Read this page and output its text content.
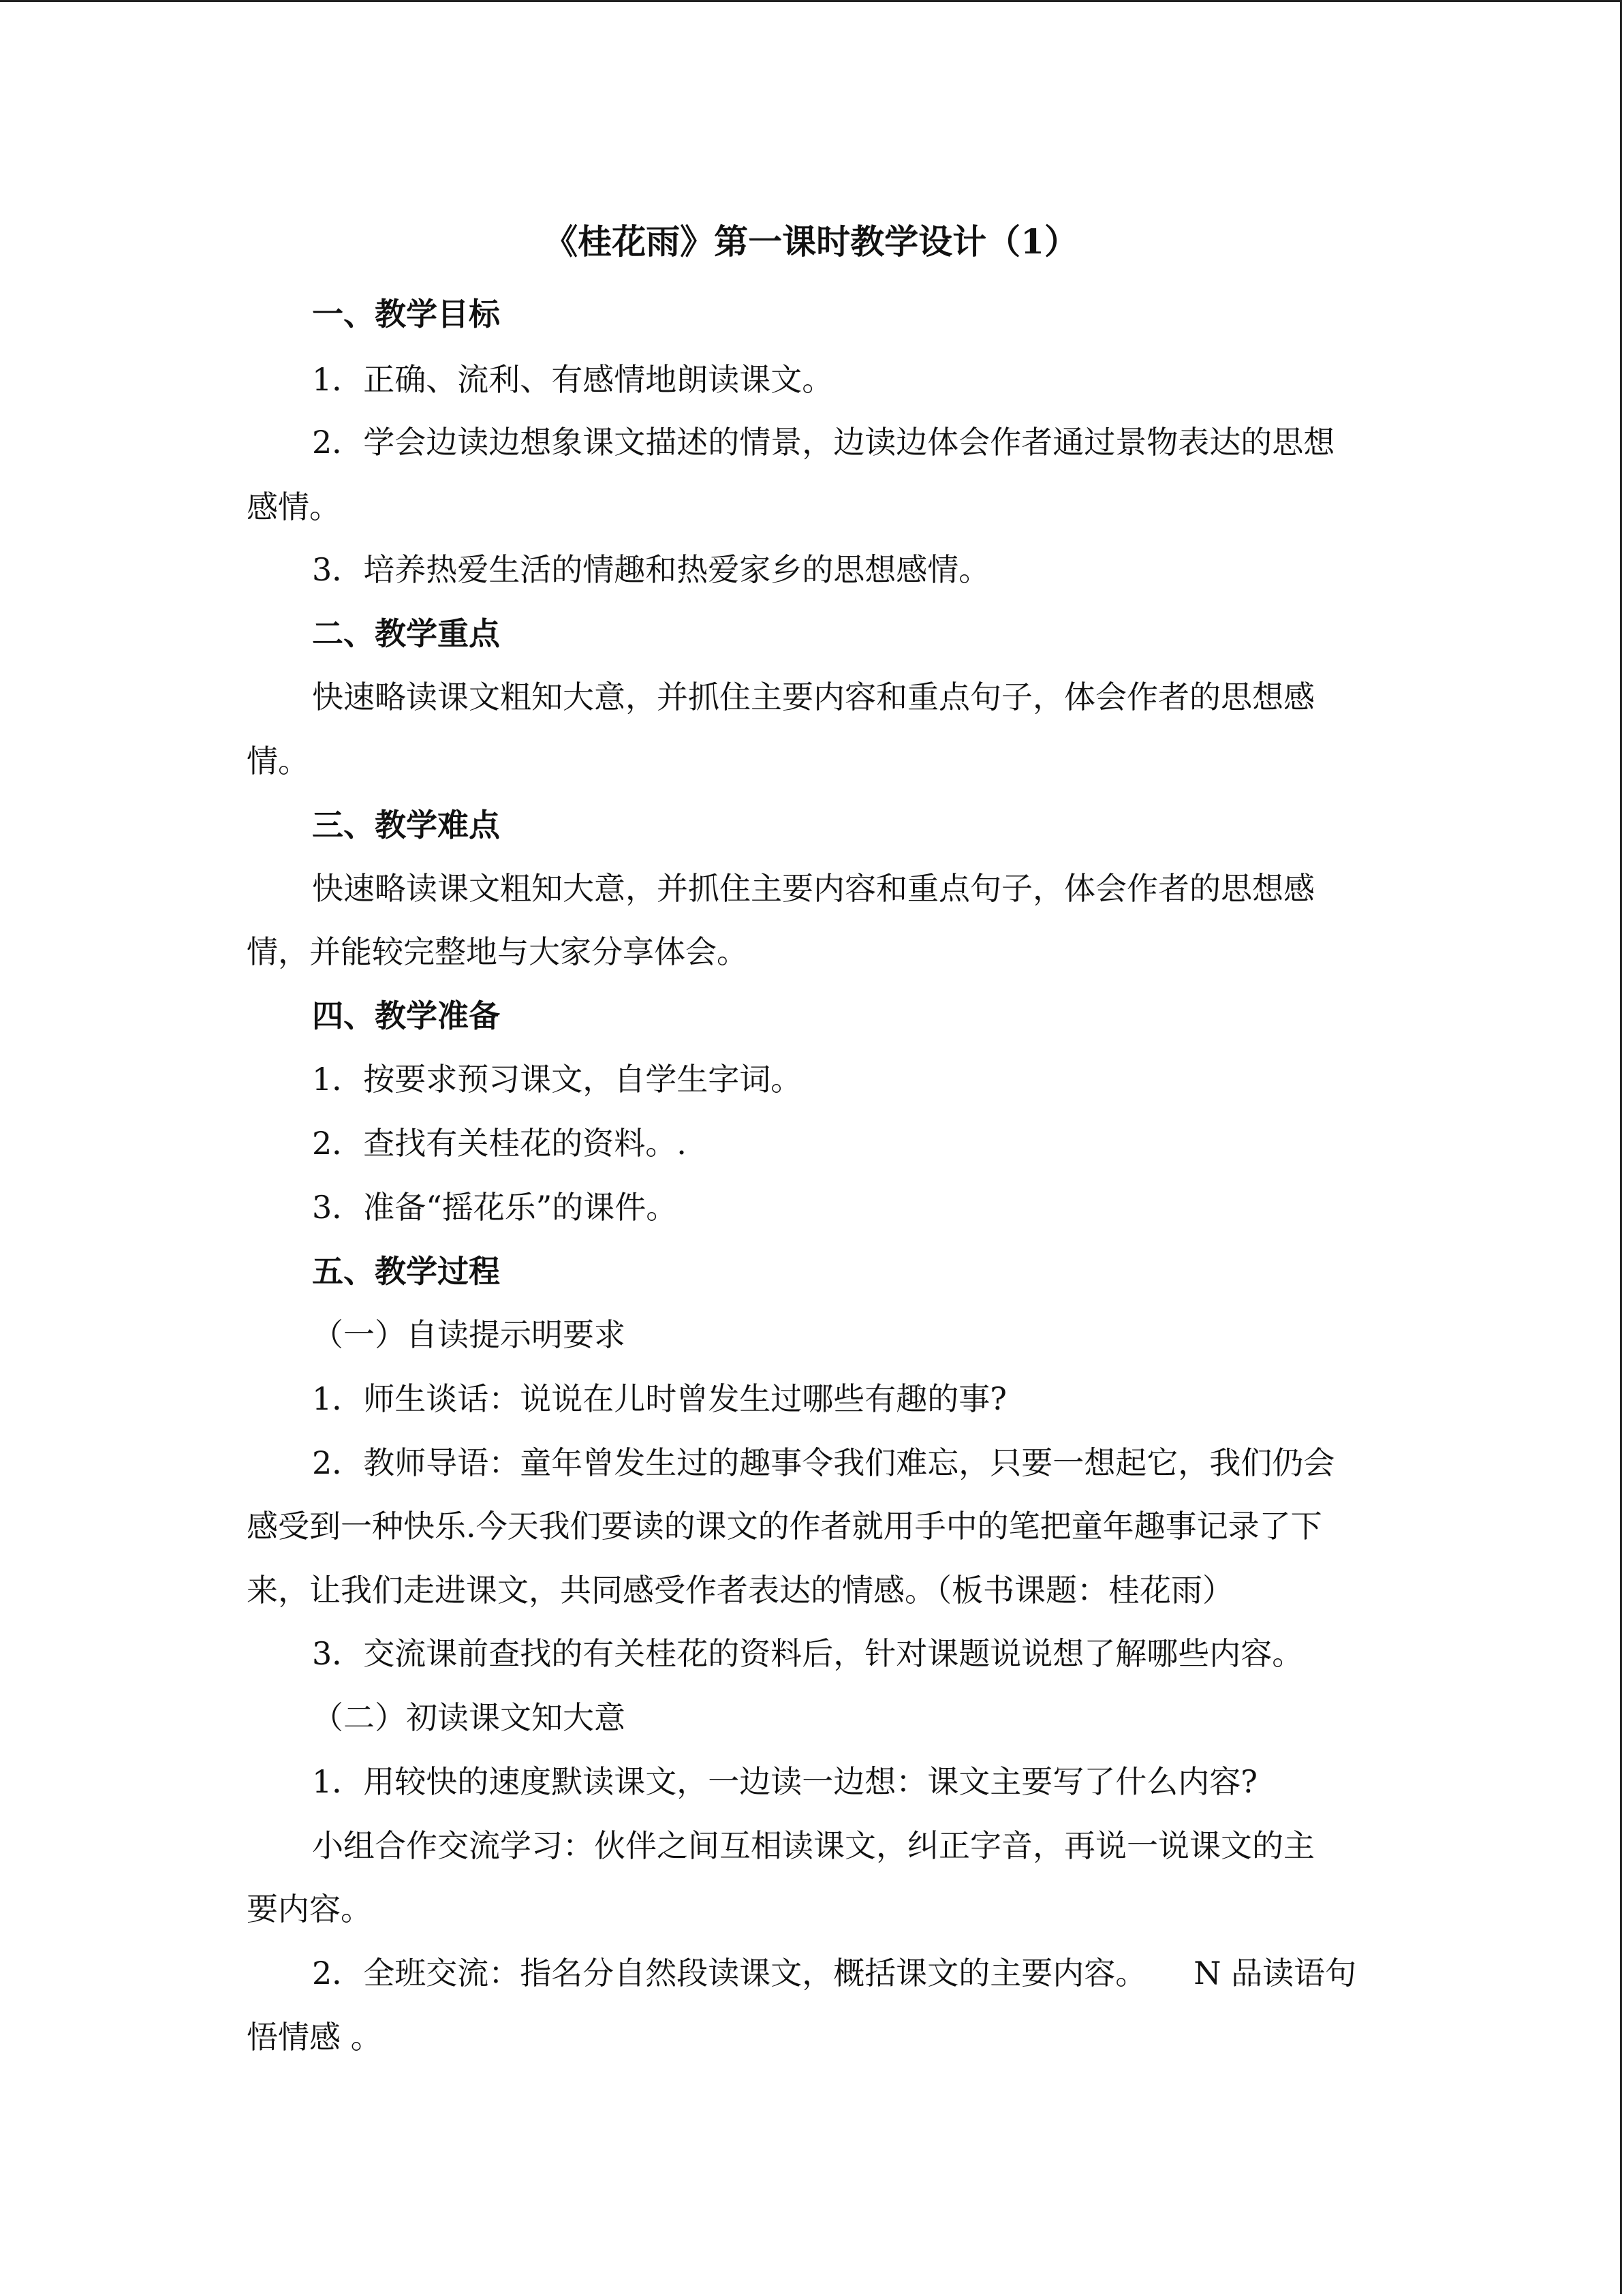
《桂花雨》第一课时教学设计（1）
一、教学目标
1．正确、流利、有感情地朗读课文。
2．学会边读边想象课文描述的情景，边读边体会作者通过景物表达的思想
感情。
3．培养热爱生活的情趣和热爱家乡的思想感情。
二、教学重点
快速略读课文粗知大意，并抓住主要内容和重点句子，体会作者的思想感
情。
三、教学难点
快速略读课文粗知大意，并抓住主要内容和重点句子，体会作者的思想感
情，并能较完整地与大家分享体会。
四、教学准备
1．按要求预习课文，自学生字词。
2．查找有关桂花的资料。.
3．准备“摇花乐”的课件。
五、教学过程
（一）自读提示明要求
1．师生谈话：说说在儿时曾发生过哪些有趣的事?
2．教师导语：童年曾发生过的趣事令我们难忘，只要一想起它，我们仍会
感受到一种快乐.今天我们要读的课文的作者就用手中的笔把童年趣事记录了下
来，让我们走进课文，共同感受作者表达的情感。（板书课题：桂花雨）
3．交流课前查找的有关桂花的资料后，针对课题说说想了解哪些内容。
（二）初读课文知大意
1．用较快的速度默读课文，一边读一边想：课文主要写了什么内容?
小组合作交流学习：伙伴之间互相读课文，纠正字音，再说一说课文的主
要内容。
2．全班交流：指名分自然段读课文，概括课文的主要内容。　　N 品读语句
悟情感 。
